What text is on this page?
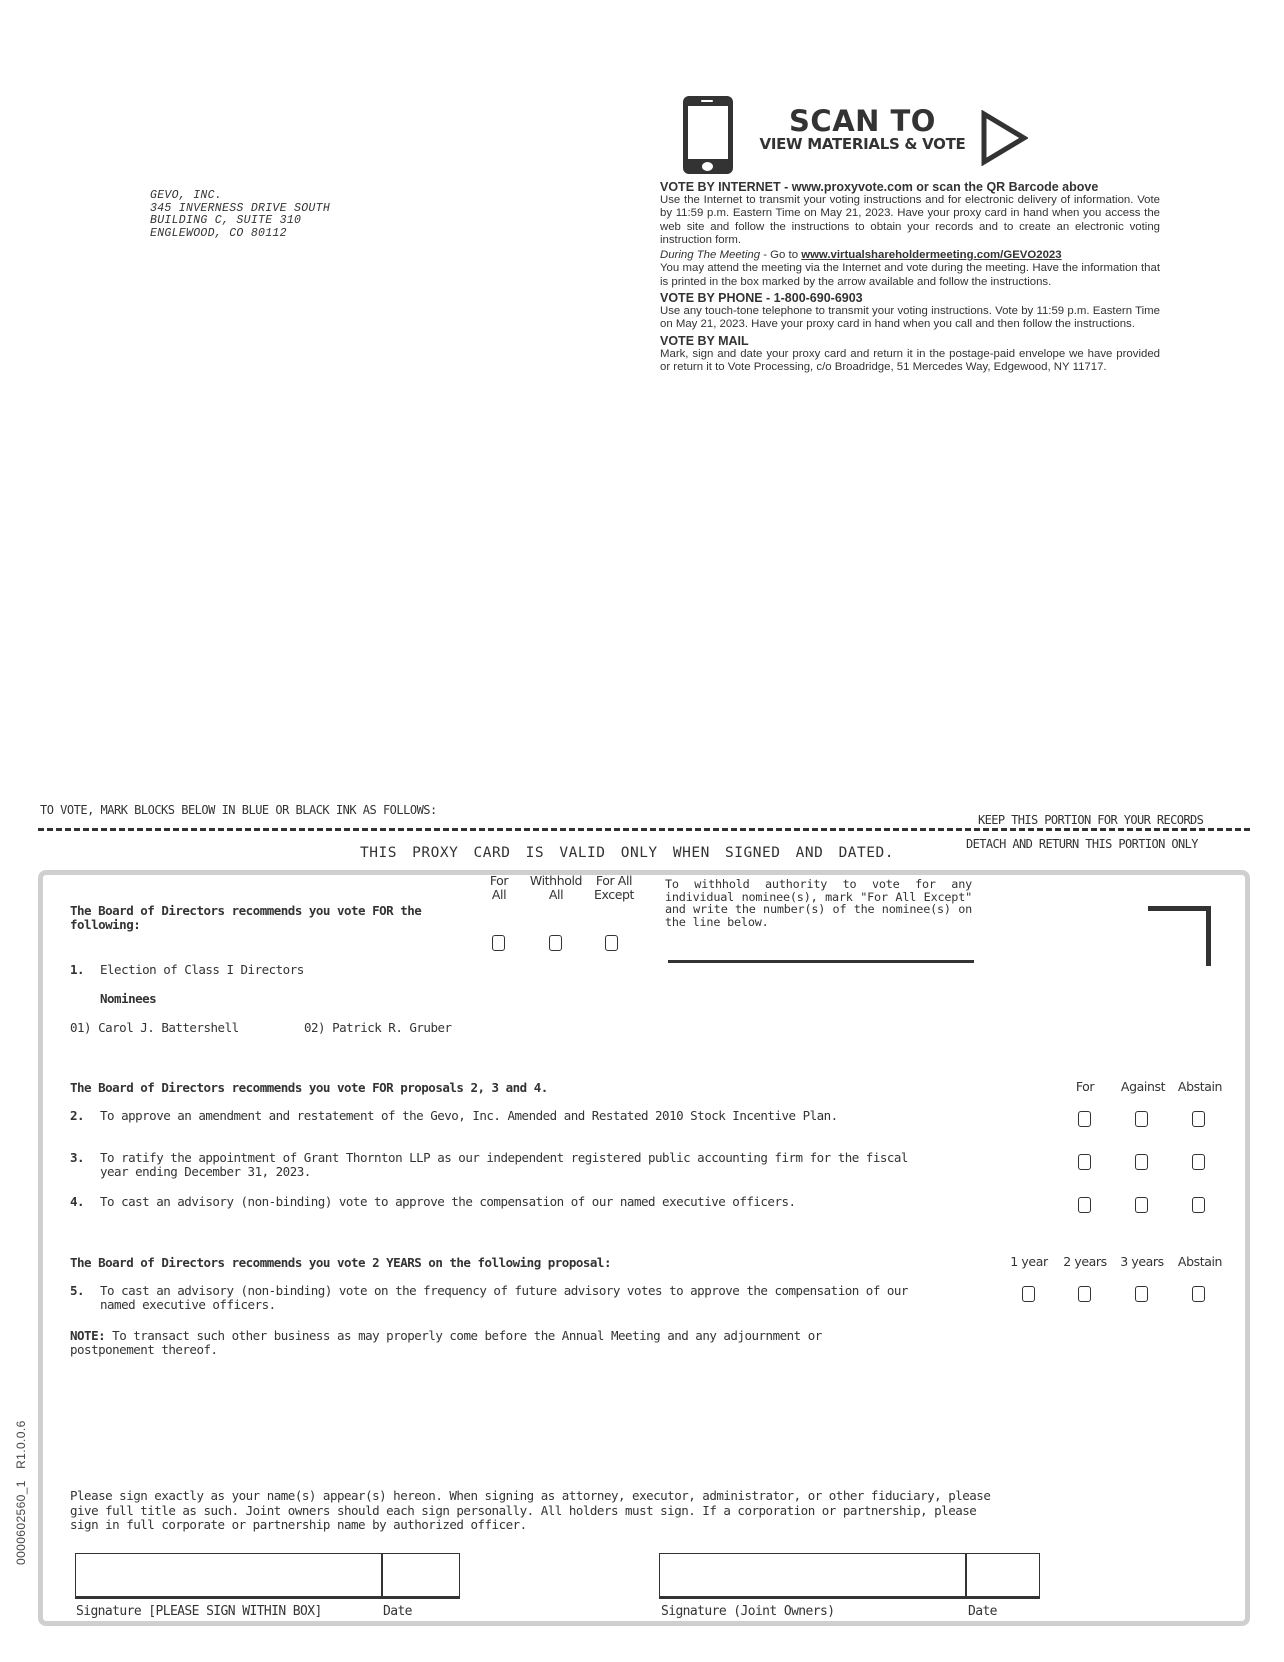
GEVO, INC.
345 INVERNESS DRIVE SOUTH
BUILDING C, SUITE 310
ENGLEWOOD, CO 80112
SCAN TO
VIEW MATERIALS & VOTE
VOTE BY INTERNET - www.proxyvote.com or scan the QR Barcode above

Use the Internet to transmit your voting instructions and for electronic delivery of information. Vote by 11:59 p.m. Eastern Time on May 21, 2023. Have your proxy card in hand when you access the web site and follow the instructions to obtain your records and to create an electronic voting instruction form.

During The Meeting - Go to www.virtualshareholdermeeting.com/GEVO2023

You may attend the meeting via the Internet and vote during the meeting. Have the information that is printed in the box marked by the arrow available and follow the instructions.

VOTE BY PHONE - 1-800-690-6903

Use any touch-tone telephone to transmit your voting instructions. Vote by 11:59 p.m. Eastern Time on May 21, 2023. Have your proxy card in hand when you call and then follow the instructions.

VOTE BY MAIL

Mark, sign and date your proxy card and return it in the postage-paid envelope we have provided or return it to Vote Processing, c/o Broadridge, 51 Mercedes Way, Edgewood, NY 11717.

TO VOTE, MARK BLOCKS BELOW IN BLUE OR BLACK INK AS FOLLOWS:
KEEP THIS PORTION FOR YOUR RECORDS
THIS PROXY CARD IS VALID ONLY WHEN SIGNED AND DATED.
DETACH AND RETURN THIS PORTION ONLY
The Board of Directors recommends you vote FOR the following:
For All
Withhold All
For All Except
To withhold authority to vote for any individual nominee(s), mark "For All Except" and write the number(s) of the nominee(s) on the line below.
1. Election of Class I Directors
Nominees
01) Carol J. Battershell	02) Patrick R. Gruber
The Board of Directors recommends you vote FOR proposals 2, 3 and 4.	For	Against	Abstain
2. To approve an amendment and restatement of the Gevo, Inc. Amended and Restated 2010 Stock Incentive Plan.
3.	To ratify the appointment of Grant Thornton LLP as our independent registered public accounting firm for the fiscal year ending December 31, 2023.
4. To cast an advisory (non-binding) vote to approve the compensation of our named executive officers.
The Board of Directors recommends you vote 2 YEARS on the following proposal:	1 year	2 years	3 years	Abstain
5.	To cast an advisory (non-binding) vote on the frequency of future advisory votes to approve the compensation of our named executive officers.
NOTE: To transact such other business as may properly come before the Annual Meeting and any adjournment or postponement thereof.
Please sign exactly as your name(s) appear(s) hereon. When signing as attorney, executor, administrator, or other fiduciary, please give full title as such. Joint owners should each sign personally. All holders must sign. If a corporation or partnership, please sign in full corporate or partnership name by authorized officer.
Signature [PLEASE SIGN WITHIN BOX]	Date	Signature (Joint Owners)	Date
0000602560_1   R1.0.0.6
